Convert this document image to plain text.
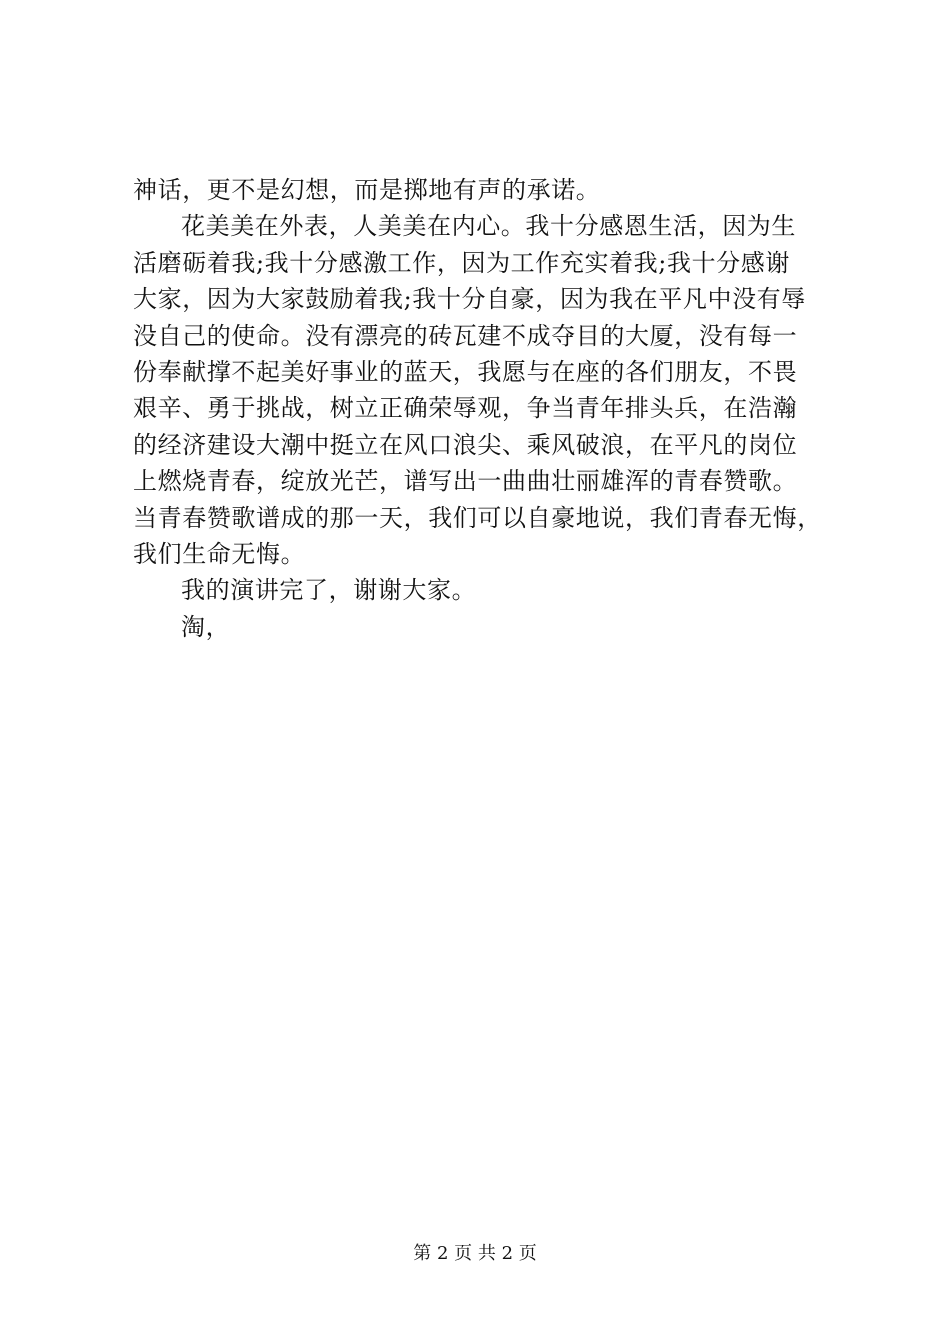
神话，更不是幻想，而是掷地有声的承诺。
花美美在外表，人美美在内心。我十分感恩生活，因为生
活磨砺着我;我十分感激工作，因为工作充实着我;我十分感谢
大家，因为大家鼓励着我;我十分自豪，因为我在平凡中没有辱
没自己的使命。没有漂亮的砖瓦建不成夺目的大厦，没有每一
份奉献撑不起美好事业的蓝天，我愿与在座的各们朋友，不畏
艰辛、勇于挑战，树立正确荣辱观，争当青年排头兵，在浩瀚
的经济建设大潮中挺立在风口浪尖、乘风破浪，在平凡的岗位
上燃烧青春，绽放光芒，谱写出一曲曲壮丽雄浑的青春赞歌。
当青春赞歌谱成的那一天，我们可以自豪地说，我们青春无悔，
我们生命无悔。
我的演讲完了，谢谢大家。
淘，
第 2 页 共 2 页
